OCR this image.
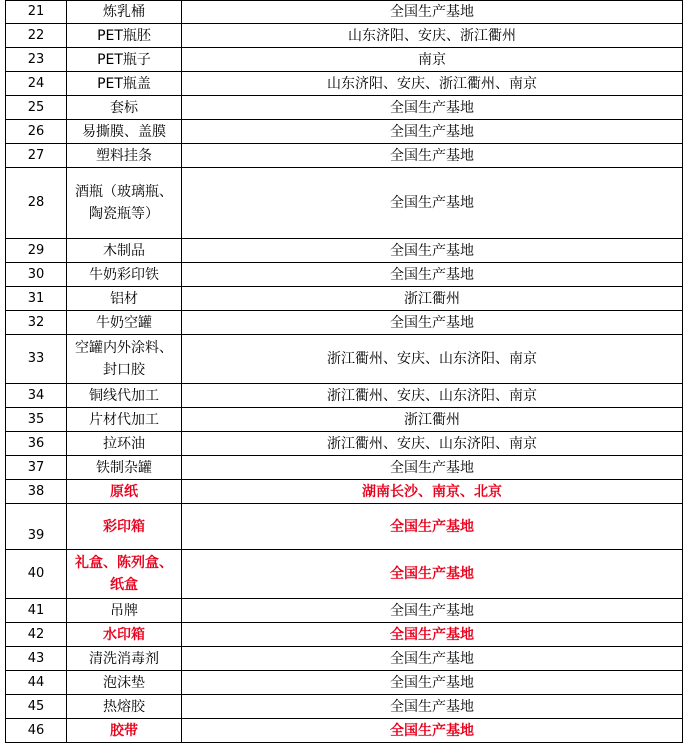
21	炼乳桶	全国生产基地
22	PET瓶胚	山东济阳、安庆、浙江衢州
23	PET瓶子	南京
24	PET瓶盖	山东济阳、安庆、浙江衢州、南京
25	套标	全国生产基地
26	易撕膜、盖膜	全国生产基地
27	塑料挂条	全国生产基地
28	酒瓶（玻璃瓶、陶瓷瓶等）	全国生产基地
29	木制品	全国生产基地
30	牛奶彩印铁	全国生产基地
31	铝材	浙江衢州
32	牛奶空罐	全国生产基地
33	空罐内外涂料、封口胶	浙江衢州、安庆、山东济阳、南京
34	铜线代加工	浙江衢州、安庆、山东济阳、南京
35	片材代加工	浙江衢州
36	拉环油	浙江衢州、安庆、山东济阳、南京
37	铁制杂罐	全国生产基地
38	原纸	湖南长沙、南京、北京
39	彩印箱	全国生产基地
40	礼盒、陈列盒、纸盒	全国生产基地
41	吊牌	全国生产基地
42	水印箱	全国生产基地
43	清洗消毒剂	全国生产基地
44	泡沫垫	全国生产基地
45	热熔胶	全国生产基地
46	胶带	全国生产基地
